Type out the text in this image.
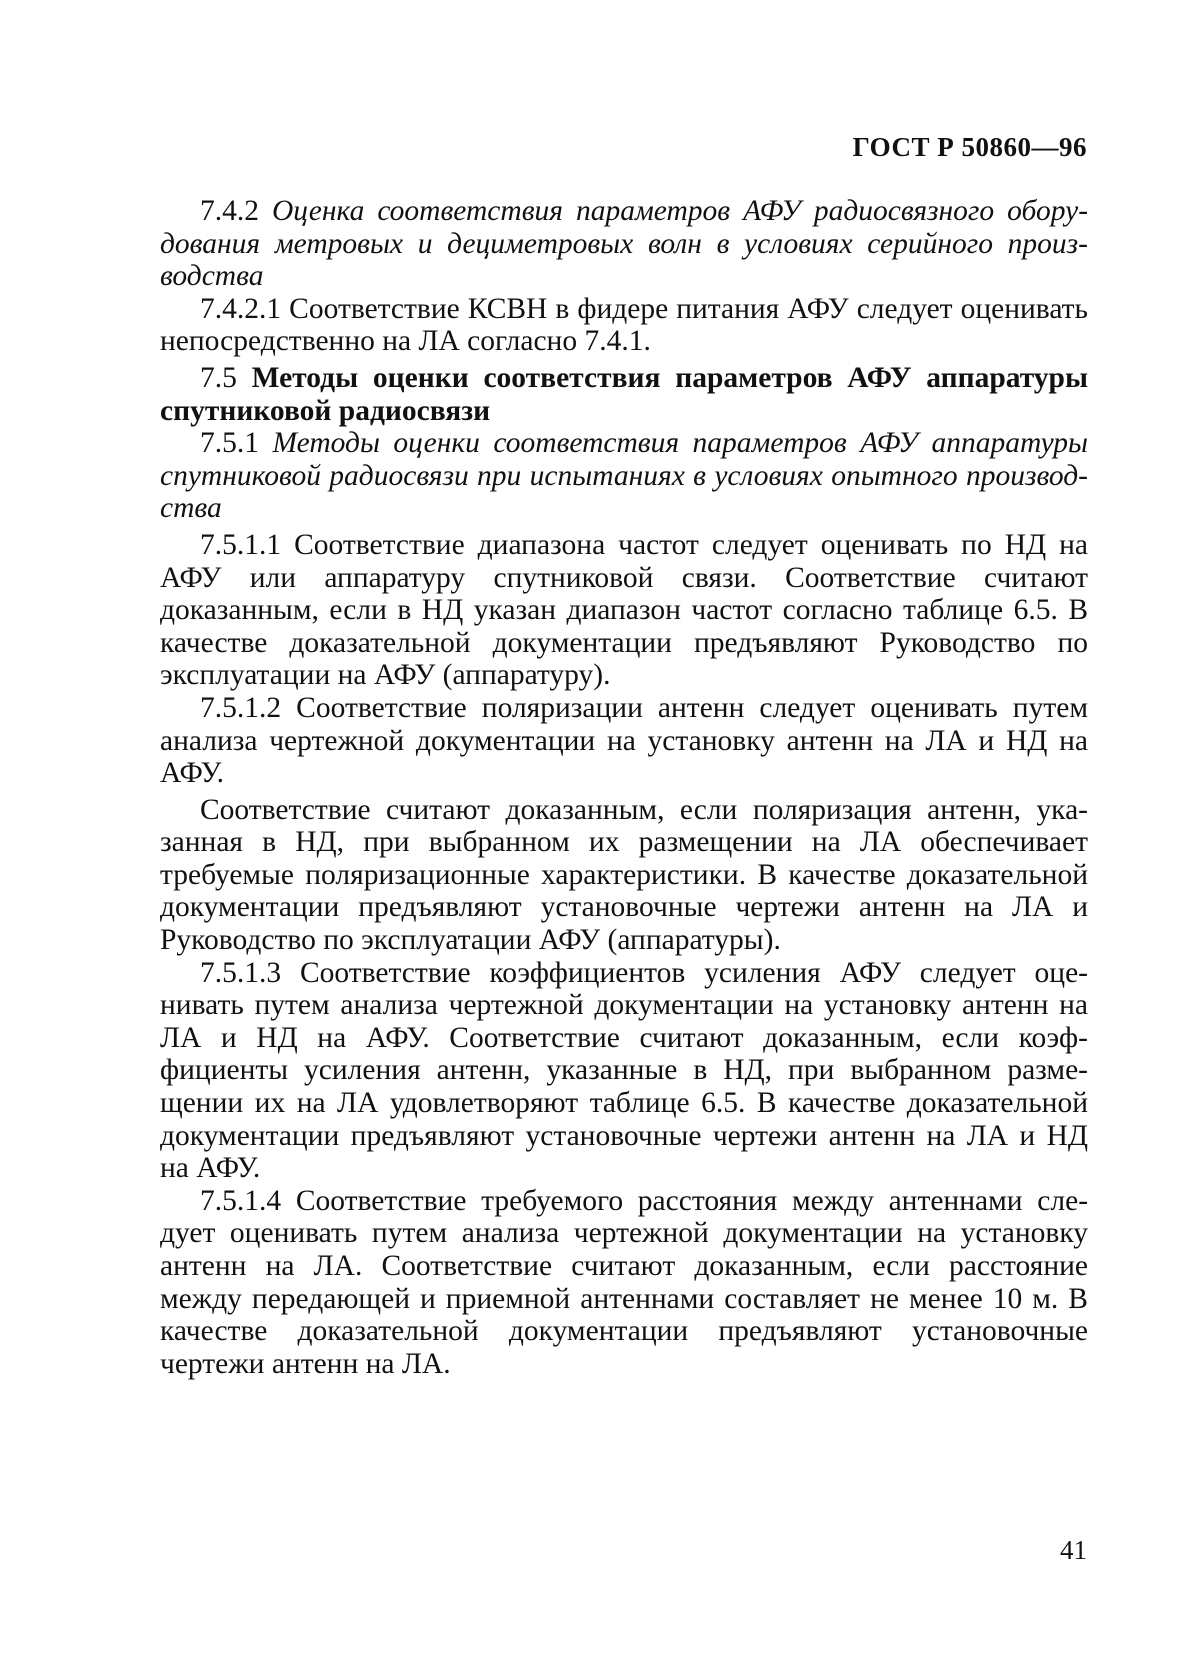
ГОСТ Р 50860—96

7.4.2 Оценка соответствия параметров АФУ радиосвязного оборудования метровых и дециметровых волн в условиях серийного производства

7.4.2.1 Соответствие КСВН в фидере питания АФУ следует оценивать непосредственно на ЛА согласно 7.4.1.

7.5 Методы оценки соответствия параметров АФУ аппаратуры спутниковой радиосвязи

7.5.1 Методы оценки соответствия параметров АФУ аппаратуры спутниковой радиосвязи при испытаниях в условиях опытного производства

7.5.1.1 Соответствие диапазона частот следует оценивать по НД на АФУ или аппаратуру спутниковой связи. Соответствие считают доказанным, если в НД указан диапазон частот согласно таблице 6.5. В качестве доказательной документации предъявляют Руководство по эксплуатации на АФУ (аппаратуру).

7.5.1.2 Соответствие поляризации антенн следует оценивать путем анализа чертежной документации на установку антенн на ЛА и НД на АФУ.

Соответствие считают доказанным, если поляризация антенн, указанная в НД, при выбранном их размещении на ЛА обеспечивает требуемые поляризационные характеристики. В качестве доказательной документации предъявляют установочные чертежи антенн на ЛА и Руководство по эксплуатации АФУ (аппаратуры).

7.5.1.3 Соответствие коэффициентов усиления АФУ следует оценивать путем анализа чертежной документации на установку антенн на ЛА и НД на АФУ. Соответствие считают доказанным, если коэффициенты усиления антенн, указанные в НД, при выбранном размещении их на ЛА удовлетворяют таблице 6.5. В качестве доказательной документации предъявляют установочные чертежи антенн на ЛА и НД на АФУ.

7.5.1.4 Соответствие требуемого расстояния между антеннами следует оценивать путем анализа чертежной документации на установку антенн на ЛА. Соответствие считают доказанным, если расстояние между передающей и приемной антеннами составляет не менее 10 м. В качестве доказательной документации предъявляют установочные чертежи антенн на ЛА.

41
